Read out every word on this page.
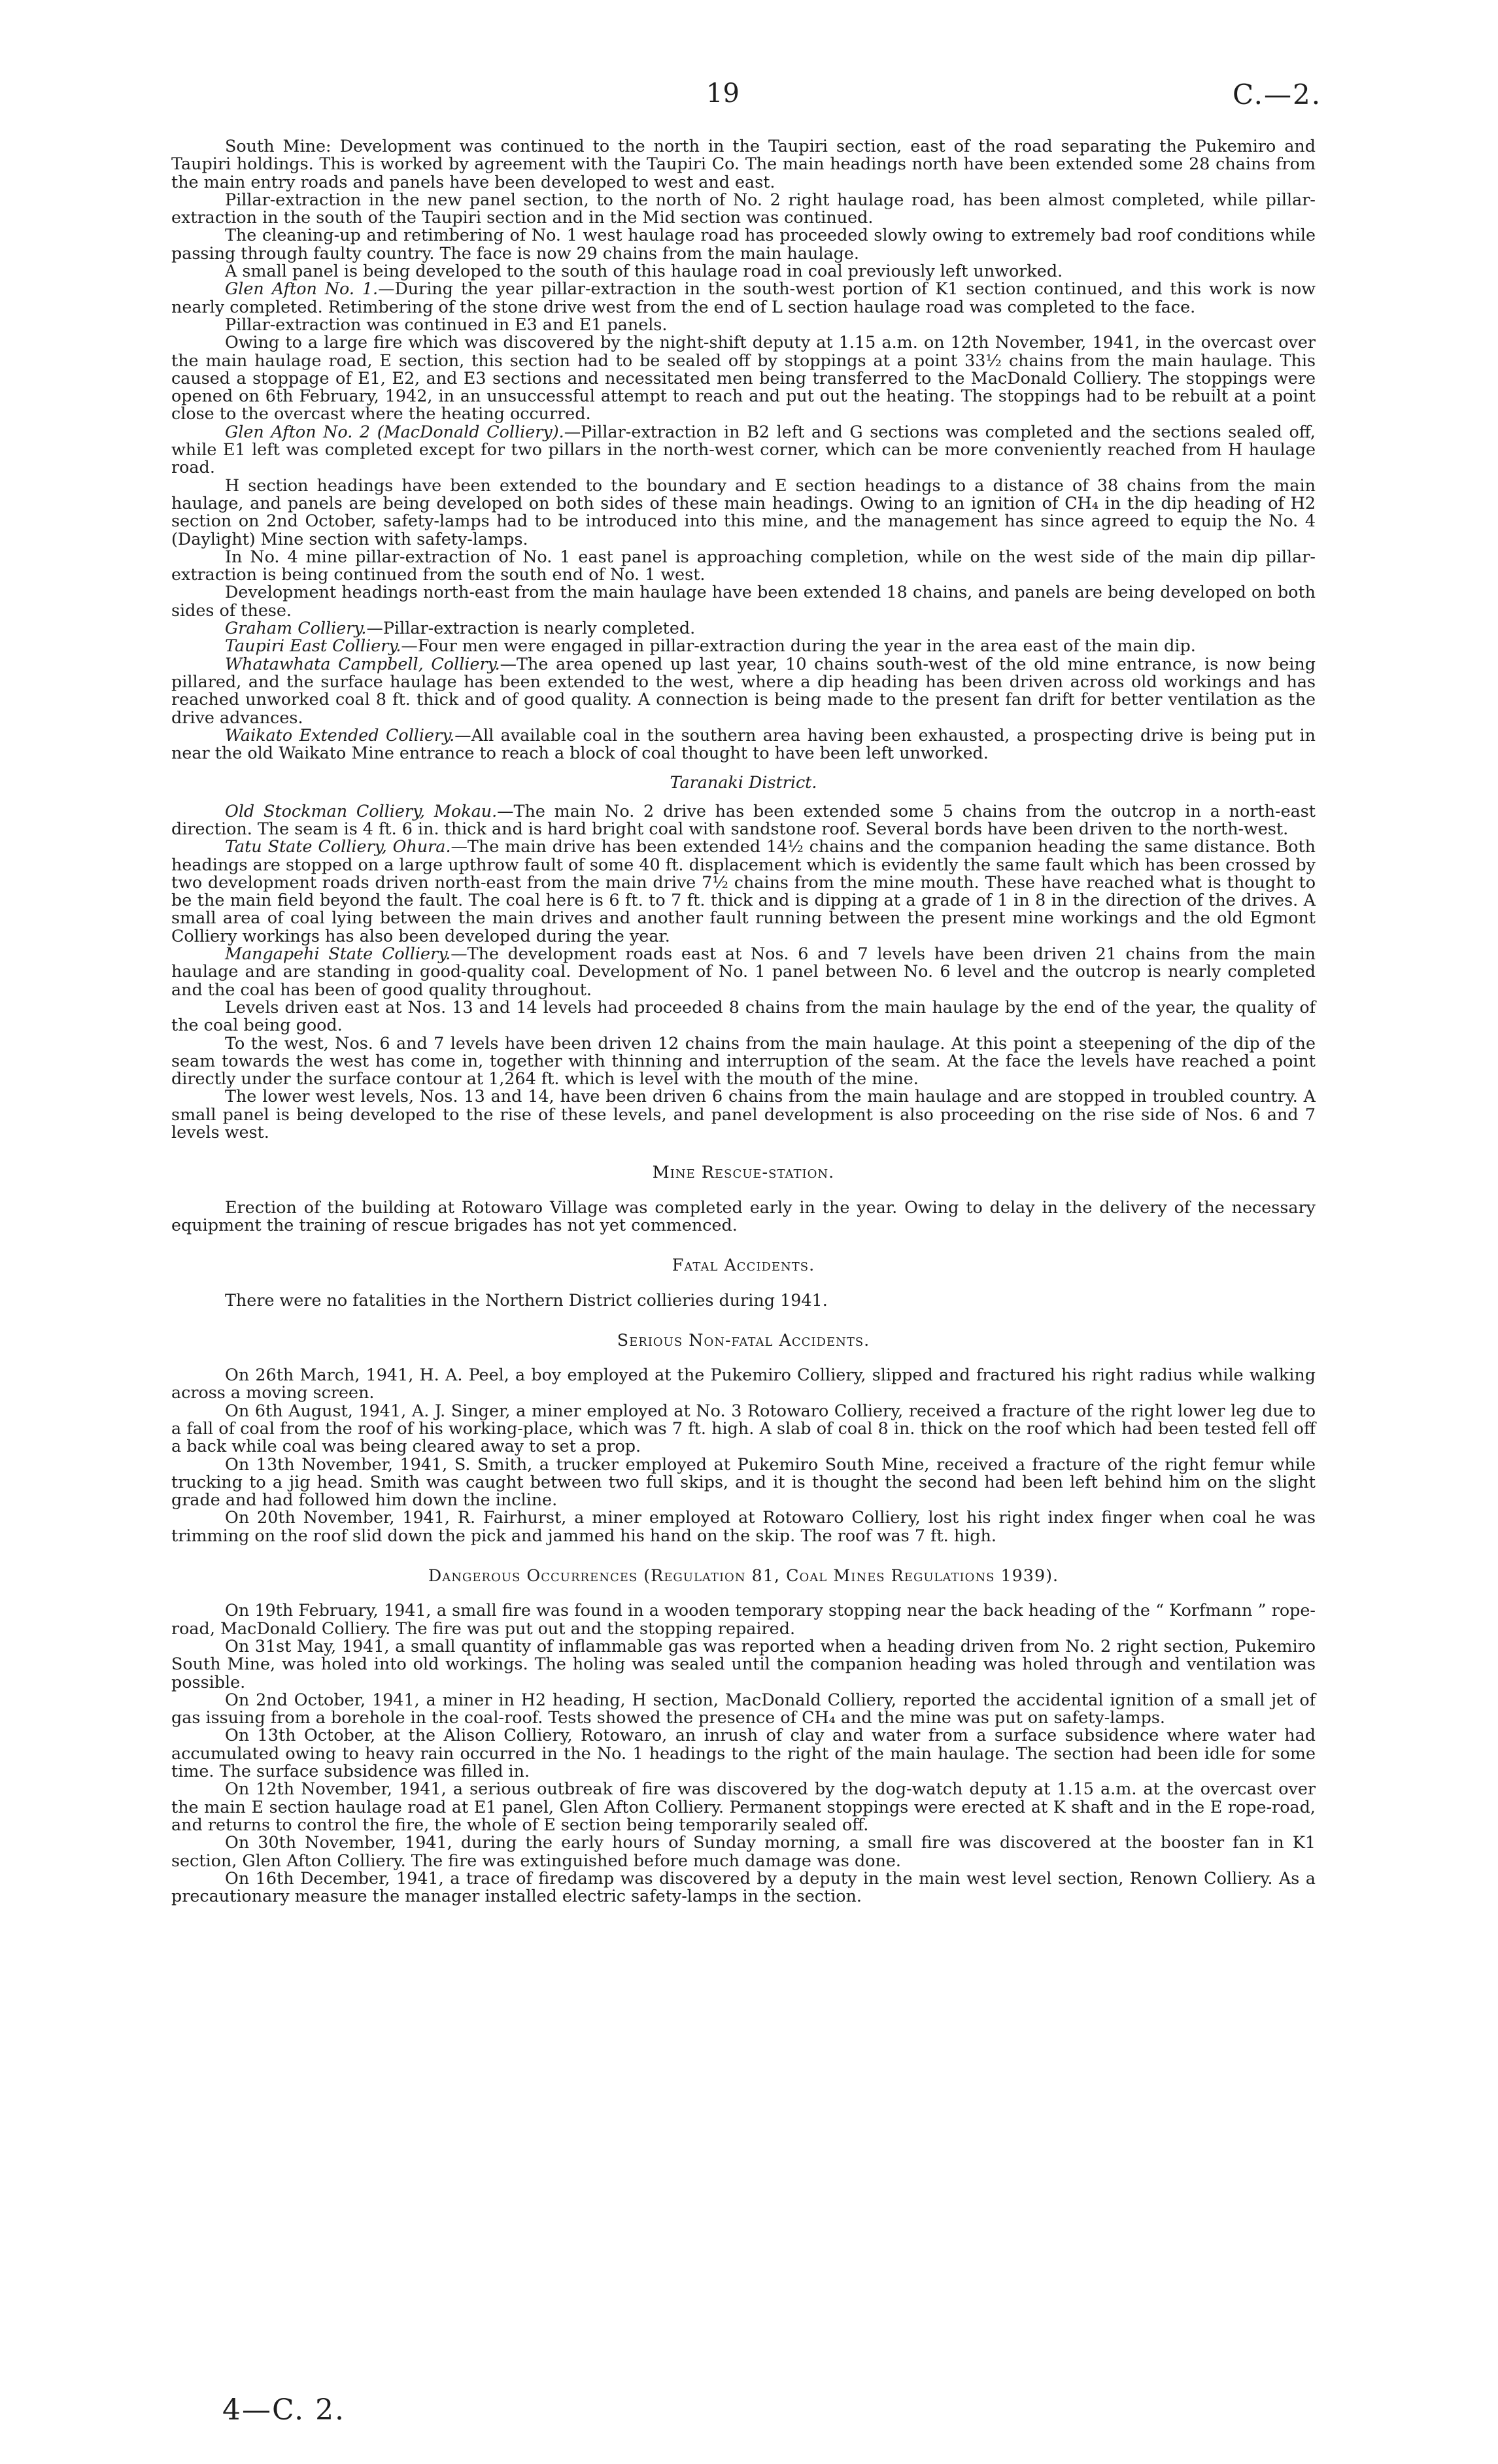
19	C.—2.

South Mine: Development was continued to the north in the Taupiri section, east of the road separating the Pukemiro and Taupiri holdings. This is worked by agreement with the Taupiri Co. The main headings north have been extended some 28 chains from the main entry roads and panels have been developed to west and east.

Pillar-extraction in the new panel section, to the north of No. 2 right haulage road, has been almost completed, while pillar-extraction in the south of the Taupiri section and in the Mid section was continued.

The cleaning-up and retimbering of No. 1 west haulage road has proceeded slowly owing to extremely bad roof conditions while passing through faulty country. The face is now 29 chains from the main haulage.

A small panel is being developed to the south of this haulage road in coal previously left unworked.

Glen Afton No. 1.—During the year pillar-extraction in the south-west portion of K1 section continued, and this work is now nearly completed. Retimbering of the stone drive west from the end of L section haulage road was completed to the face.

Pillar-extraction was continued in E3 and E1 panels.

Owing to a large fire which was discovered by the night-shift deputy at 1.15 a.m. on 12th November, 1941, in the overcast over the main haulage road, E section, this section had to be sealed off by stoppings at a point 33½ chains from the main haulage. This caused a stoppage of E1, E2, and E3 sections and necessitated men being transferred to the MacDonald Colliery. The stoppings were opened on 6th February, 1942, in an unsuccessful attempt to reach and put out the heating. The stoppings had to be rebuilt at a point close to the overcast where the heating occurred.

Glen Afton No. 2 (MacDonald Colliery).—Pillar-extraction in B2 left and G sections was completed and the sections sealed off, while E1 left was completed except for two pillars in the north-west corner, which can be more conveniently reached from H haulage road.

H section headings have been extended to the boundary and E section headings to a distance of 38 chains from the main haulage, and panels are being developed on both sides of these main headings. Owing to an ignition of CH₄ in the dip heading of H2 section on 2nd October, safety-lamps had to be introduced into this mine, and the management has since agreed to equip the No. 4 (Daylight) Mine section with safety-lamps.

In No. 4 mine pillar-extraction of No. 1 east panel is approaching completion, while on the west side of the main dip pillar-extraction is being continued from the south end of No. 1 west.

Development headings north-east from the main haulage have been extended 18 chains, and panels are being developed on both sides of these.

Graham Colliery.—Pillar-extraction is nearly completed.

Taupiri East Colliery.—Four men were engaged in pillar-extraction during the year in the area east of the main dip.

Whatawhata Campbell, Colliery.—The area opened up last year, 10 chains south-west of the old mine entrance, is now being pillared, and the surface haulage has been extended to the west, where a dip heading has been driven across old workings and has reached unworked coal 8 ft. thick and of good quality. A connection is being made to the present fan drift for better ventilation as the drive advances.

Waikato Extended Colliery.—All available coal in the southern area having been exhausted, a prospecting drive is being put in near the old Waikato Mine entrance to reach a block of coal thought to have been left unworked.

Taranaki District.

Old Stockman Colliery, Mokau.—The main No. 2 drive has been extended some 5 chains from the outcrop in a north-east direction. The seam is 4 ft. 6 in. thick and is hard bright coal with sandstone roof. Several bords have been driven to the north-west.

Tatu State Colliery, Ohura.—The main drive has been extended 14½ chains and the companion heading the same distance. Both headings are stopped on a large upthrow fault of some 40 ft. displacement which is evidently the same fault which has been crossed by two development roads driven north-east from the main drive 7½ chains from the mine mouth. These have reached what is thought to be the main field beyond the fault. The coal here is 6 ft. to 7 ft. thick and is dipping at a grade of 1 in 8 in the direction of the drives. A small area of coal lying between the main drives and another fault running between the present mine workings and the old Egmont Colliery workings has also been developed during the year.

Mangapehi State Colliery.—The development roads east at Nos. 6 and 7 levels have been driven 21 chains from the main haulage and are standing in good-quality coal. Development of No. 1 panel between No. 6 level and the outcrop is nearly completed and the coal has been of good quality throughout.

Levels driven east at Nos. 13 and 14 levels had proceeded 8 chains from the main haulage by the end of the year, the quality of the coal being good.

To the west, Nos. 6 and 7 levels have been driven 12 chains from the main haulage. At this point a steepening of the dip of the seam towards the west has come in, together with thinning and interruption of the seam. At the face the levels have reached a point directly under the surface contour at 1,264 ft. which is level with the mouth of the mine.

The lower west levels, Nos. 13 and 14, have been driven 6 chains from the main haulage and are stopped in troubled country. A small panel is being developed to the rise of these levels, and panel development is also proceeding on the rise side of Nos. 6 and 7 levels west.

Mine Rescue-station.

Erection of the building at Rotowaro Village was completed early in the year. Owing to delay in the delivery of the necessary equipment the training of rescue brigades has not yet commenced.

Fatal Accidents.

There were no fatalities in the Northern District collieries during 1941.

Serious Non-fatal Accidents.

On 26th March, 1941, H. A. Peel, a boy employed at the Pukemiro Colliery, slipped and fractured his right radius while walking across a moving screen.

On 6th August, 1941, A. J. Singer, a miner employed at No. 3 Rotowaro Colliery, received a fracture of the right lower leg due to a fall of coal from the roof of his working-place, which was 7 ft. high. A slab of coal 8 in. thick on the roof which had been tested fell off a back while coal was being cleared away to set a prop.

On 13th November, 1941, S. Smith, a trucker employed at Pukemiro South Mine, received a fracture of the right femur while trucking to a jig head. Smith was caught between two full skips, and it is thought the second had been left behind him on the slight grade and had followed him down the incline.

On 20th November, 1941, R. Fairhurst, a miner employed at Rotowaro Colliery, lost his right index finger when coal he was trimming on the roof slid down the pick and jammed his hand on the skip. The roof was 7 ft. high.

Dangerous Occurrences (Regulation 81, Coal Mines Regulations 1939).

On 19th February, 1941, a small fire was found in a wooden temporary stopping near the back heading of the “ Korfmann ” rope-road, MacDonald Colliery. The fire was put out and the stopping repaired.

On 31st May, 1941, a small quantity of inflammable gas was reported when a heading driven from No. 2 right section, Pukemiro South Mine, was holed into old workings. The holing was sealed until the companion heading was holed through and ventilation was possible.

On 2nd October, 1941, a miner in H2 heading, H section, MacDonald Colliery, reported the accidental ignition of a small jet of gas issuing from a borehole in the coal-roof. Tests showed the presence of CH₄ and the mine was put on safety-lamps.

On 13th October, at the Alison Colliery, Rotowaro, an inrush of clay and water from a surface subsidence where water had accumulated owing to heavy rain occurred in the No. 1 headings to the right of the main haulage. The section had been idle for some time. The surface subsidence was filled in.

On 12th November, 1941, a serious outbreak of fire was discovered by the dog-watch deputy at 1.15 a.m. at the overcast over the main E section haulage road at E1 panel, Glen Afton Colliery. Permanent stoppings were erected at K shaft and in the E rope-road, and returns to control the fire, the whole of E section being temporarily sealed off.

On 30th November, 1941, during the early hours of Sunday morning, a small fire was discovered at the booster fan in K1 section, Glen Afton Colliery. The fire was extinguished before much damage was done.

On 16th December, 1941, a trace of firedamp was discovered by a deputy in the main west level section, Renown Colliery. As a precautionary measure the manager installed electric safety-lamps in the section.

4—C. 2.
